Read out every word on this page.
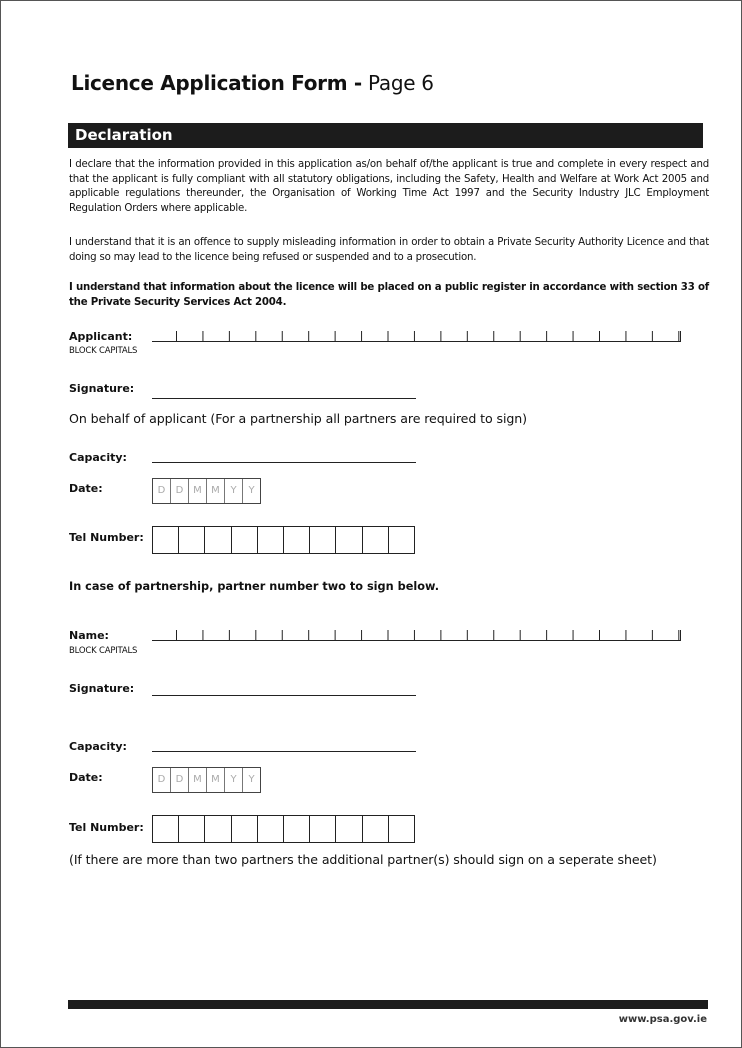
Licence Application Form - Page 6
Declaration
I declare that the information provided in this application as/on behalf of/the applicant is true and complete in every respect and that the applicant is fully compliant with all statutory obligations, including the Safety, Health and Welfare at Work Act 2005 and applicable regulations thereunder, the Organisation of Working Time Act 1997 and the Security Industry JLC Employment Regulation Orders where applicable.
I understand that it is an offence to supply misleading information in order to obtain a Private Security Authority Licence and that doing so may lead to the licence being refused or suspended and to a prosecution.
I understand that information about the licence will be placed on a public register in accordance with section 33 of the Private Security Services Act 2004.
Applicant:
BLOCK CAPITALS
Signature:
On behalf of applicant (For a partnership all partners are required to sign)
Capacity:
Date:	D	D M M	Y	Y
Tel Number:
In case of partnership, partner number two to sign below.
Name:
BLOCK CAPITALS
Signature:
Capacity:
Date:	D	D M M	Y	Y
Tel Number:
(If there are more than two partners the additional partner(s) should sign on a seperate sheet)
www.psa.gov.ie
